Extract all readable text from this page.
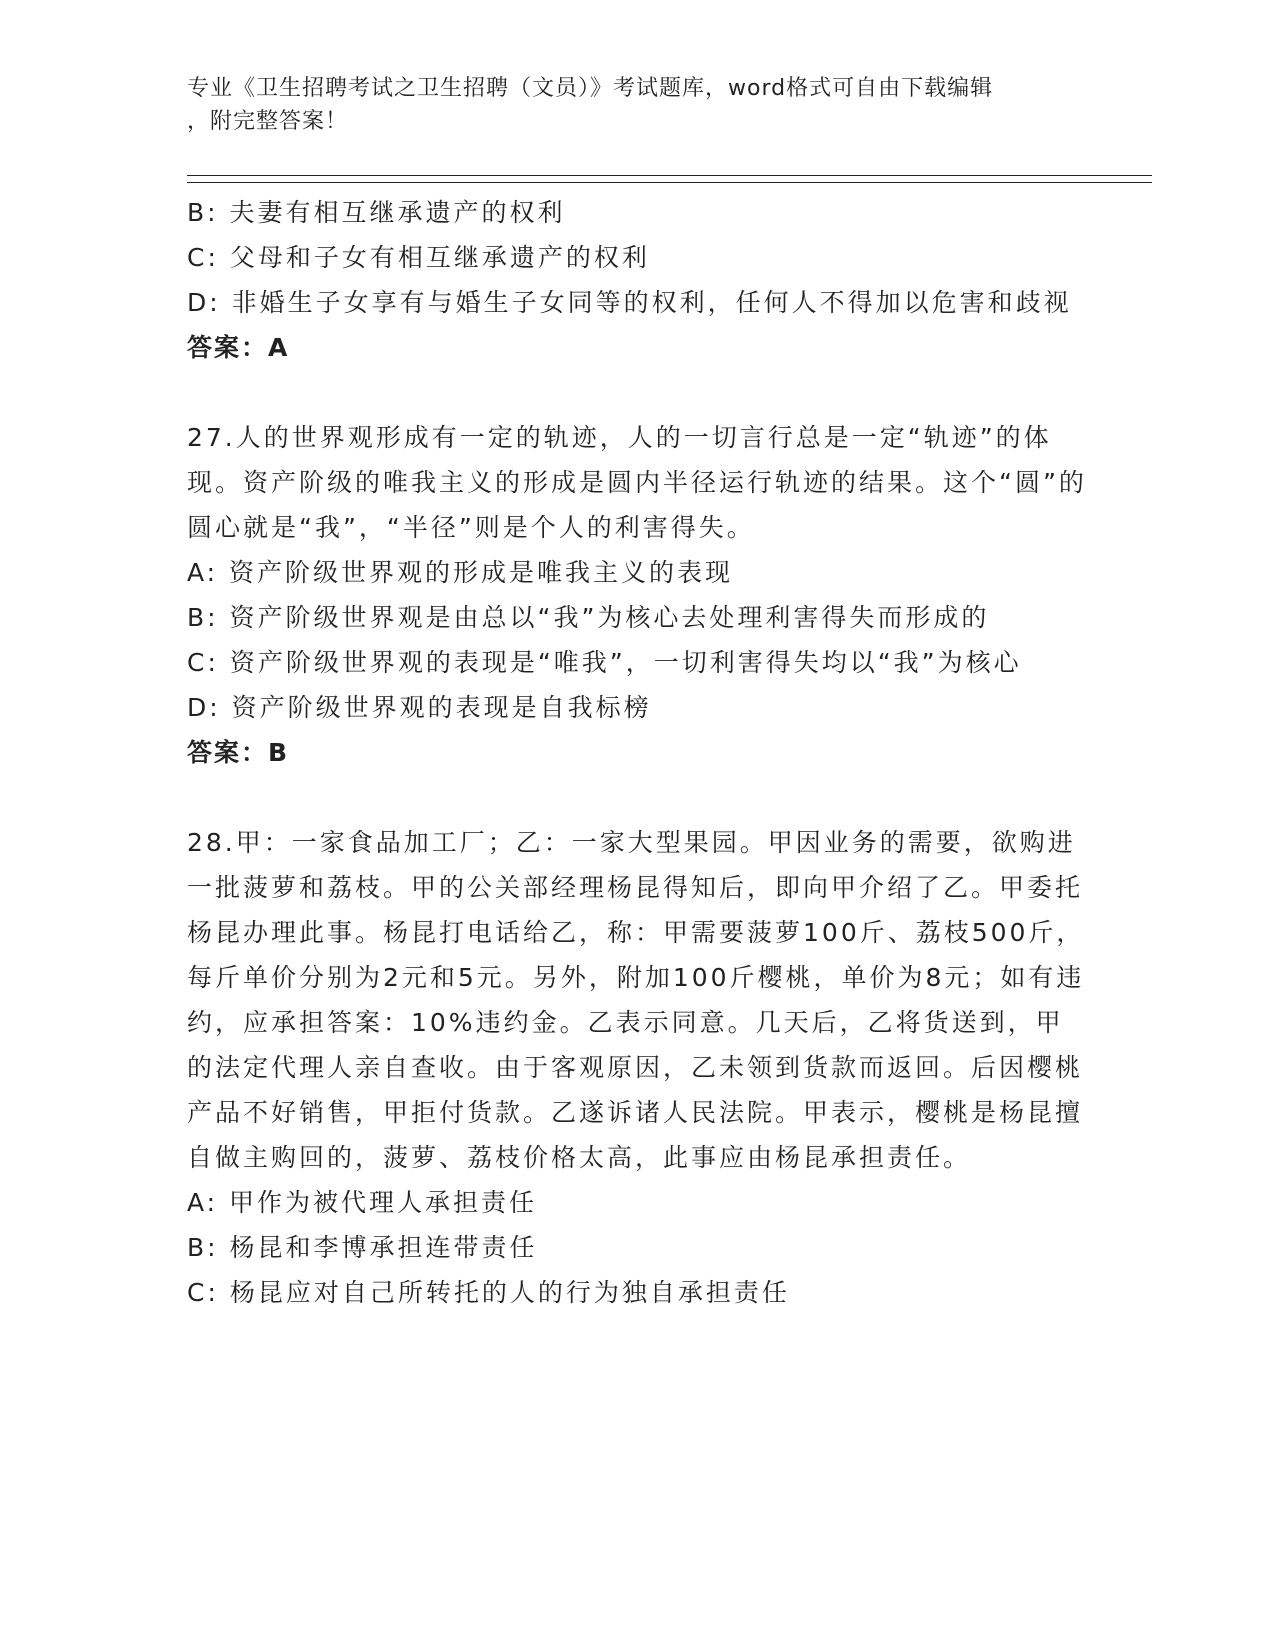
专业《卫生招聘考试之卫生招聘（文员）》考试题库，word格式可自由下载编辑
，附完整答案！
B: 夫妻有相互继承遗产的权利
C: 父母和子女有相互继承遗产的权利
D: 非婚生子女享有与婚生子女同等的权利，任何人不得加以危害和歧视
答案：A
27.人的世界观形成有一定的轨迹，人的一切言行总是一定“轨迹”的体现。资产阶级的唯我主义的形成是圆内半径运行轨迹的结果。这个“圆”的圆心就是“我”，“半径”则是个人的利害得失。
A: 资产阶级世界观的形成是唯我主义的表现
B: 资产阶级世界观是由总以“我”为核心去处理利害得失而形成的
C: 资产阶级世界观的表现是“唯我”，一切利害得失均以“我”为核心
D: 资产阶级世界观的表现是自我标榜
答案：B
28.甲：一家食品加工厂；乙：一家大型果园。甲因业务的需要，欲购进一批菠萝和荔枝。甲的公关部经理杨昆得知后，即向甲介绍了乙。甲委托杨昆办理此事。杨昆打电话给乙，称：甲需要菠萝100斤、荔枝500斤，每斤单价分别为2元和5元。另外，附加100斤樱桃，单价为8元；如有违约，应承担答案：10%违约金。乙表示同意。几天后，乙将货送到，甲的法定代理人亲自查收。由于客观原因，乙未领到货款而返回。后因樱桃产品不好销售，甲拒付货款。乙遂诉诸人民法院。甲表示，樱桃是杨昆擅自做主购回的，菠萝、荔枝价格太高，此事应由杨昆承担责任。
A: 甲作为被代理人承担责任
B: 杨昆和李博承担连带责任
C: 杨昆应对自己所转托的人的行为独自承担责任
